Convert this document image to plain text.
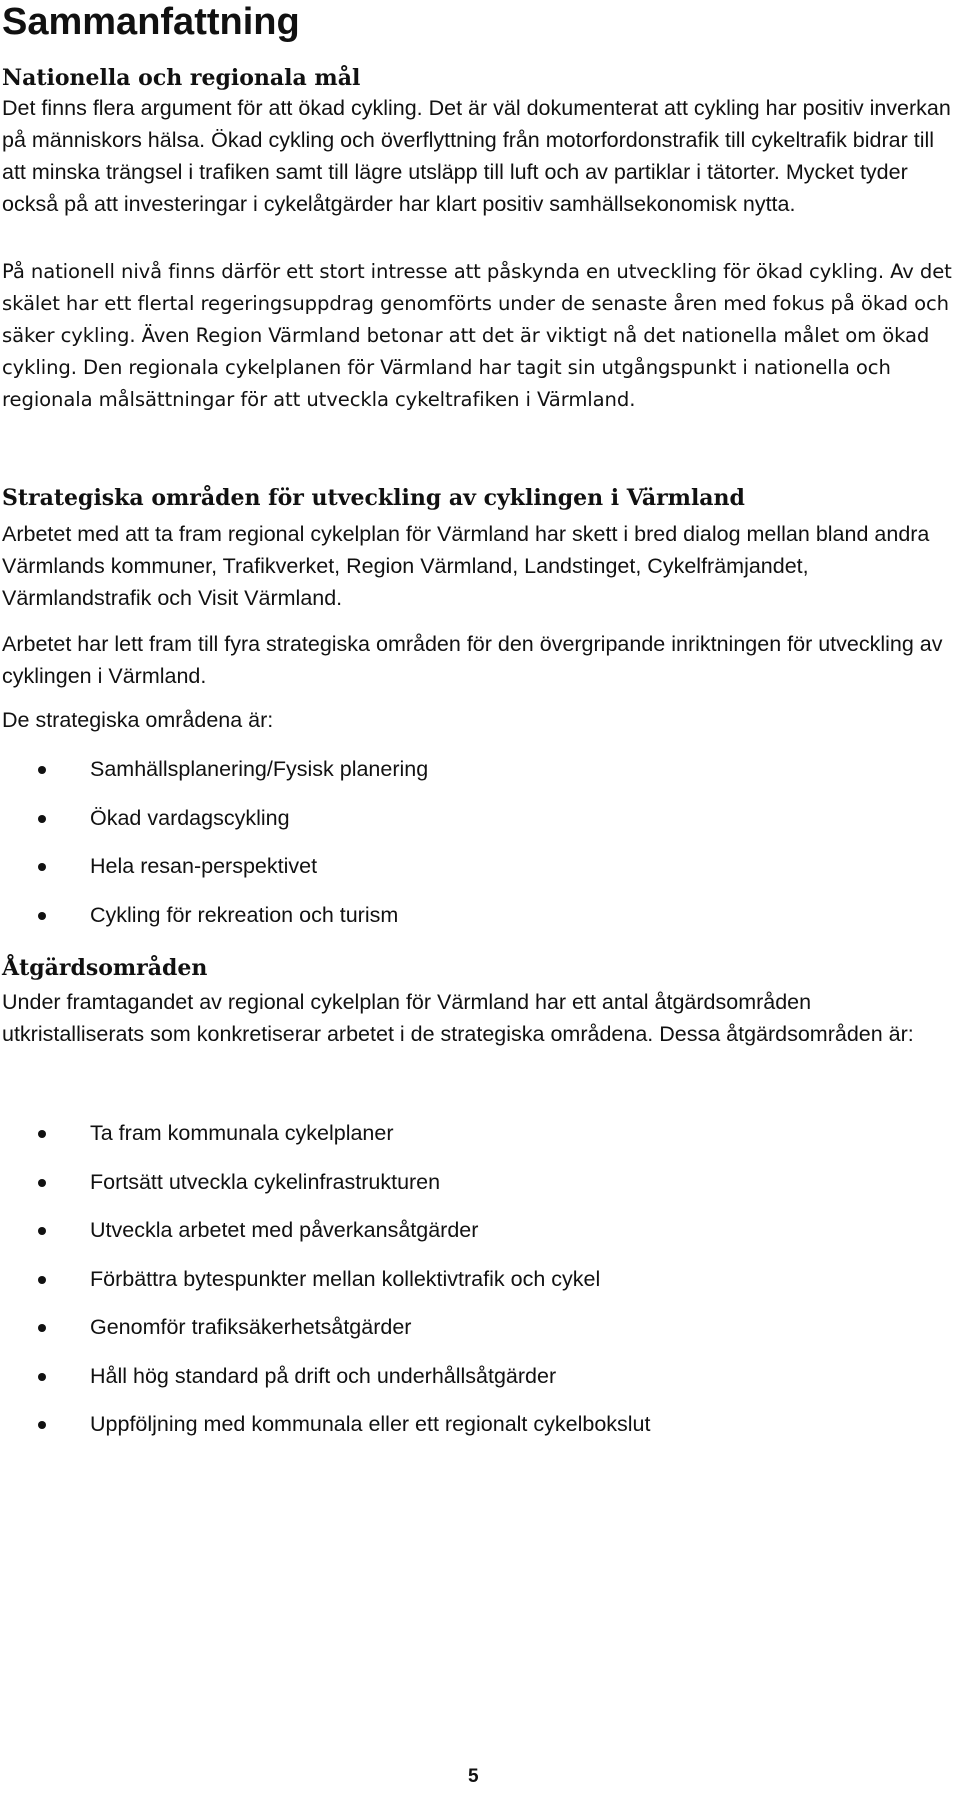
Sammanfattning
Nationella och regionala mål

Det finns flera argument för att ökad cykling. Det är väl dokumenterat att cykling har positiv inverkan på människors hälsa. Ökad cykling och överflyttning från motorfordonstrafik till cykeltrafik bidrar till att minska trängsel i trafiken samt till lägre utsläpp till luft och av partiklar i tätorter. Mycket tyder också på att investeringar i cykelåtgärder har klart positiv samhällsekonomisk nytta.

På nationell nivå finns därför ett stort intresse att påskynda en utveckling för ökad cykling. Av det skälet har ett flertal regeringsuppdrag genomförts under de senaste åren med fokus på ökad och säker cykling. Även Region Värmland betonar att det är viktigt nå det nationella målet om ökad cykling. Den regionala cykelplanen för Värmland har tagit sin utgångspunkt i nationella och regionala målsättningar för att utveckla cykeltrafiken i Värmland.

Strategiska områden för utveckling av cyklingen i Värmland

Arbetet med att ta fram regional cykelplan för Värmland har skett i bred dialog mellan bland andra Värmlands kommuner, Trafikverket, Region Värmland, Landstinget, Cykelfrämjandet, Värmlandstrafik och Visit Värmland.

Arbetet har lett fram till fyra strategiska områden för den övergripande inriktningen för utveckling av cyklingen i Värmland.

De strategiska områdena är:

Samhällsplanering/Fysisk planering
Ökad vardagscykling
Hela resan-perspektivet
Cykling för rekreation och turism
Åtgärdsområden

Under framtagandet av regional cykelplan för Värmland har ett antal åtgärdsområden utkristalliserats som konkretiserar arbetet i de strategiska områdena. Dessa åtgärdsområden är:

Ta fram kommunala cykelplaner
Fortsätt utveckla cykelinfrastrukturen
Utveckla arbetet med påverkansåtgärder
Förbättra bytespunkter mellan kollektivtrafik och cykel
Genomför trafiksäkerhetsåtgärder
Håll hög standard på drift och underhållsåtgärder
Uppföljning med kommunala eller ett regionalt cykelbokslut
5
